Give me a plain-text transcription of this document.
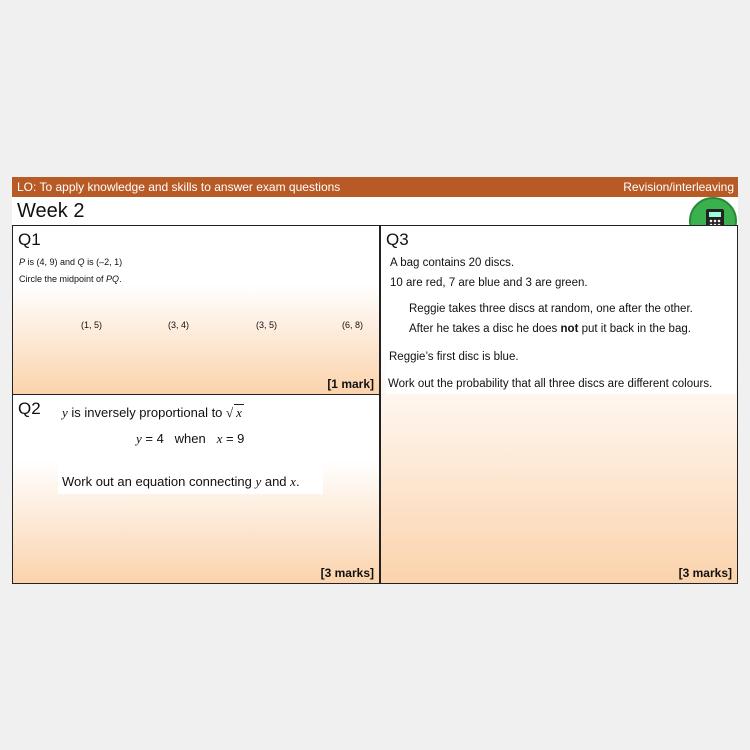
LO: To apply knowledge and skills to answer exam questions	Revision/interleaving
Week 2
Q1
P is (4, 9) and Q is (–2, 1)
Circle the midpoint of PQ.
(1, 5)	(3, 4)	(3, 5)	(6, 8)
[1 mark]
Q3
A bag contains 20 discs.
10 are red, 7 are blue and 3 are green.
Reggie takes three discs at random, one after the other.
After he takes a disc he does not put it back in the bag.
Reggie’s first disc is blue.
Work out the probability that all three discs are different colours.
[3 marks]
Q2 y is inversely proportional to √ x
y = 4   when   x = 9
Work out an equation connecting y and x.
[3 marks]
